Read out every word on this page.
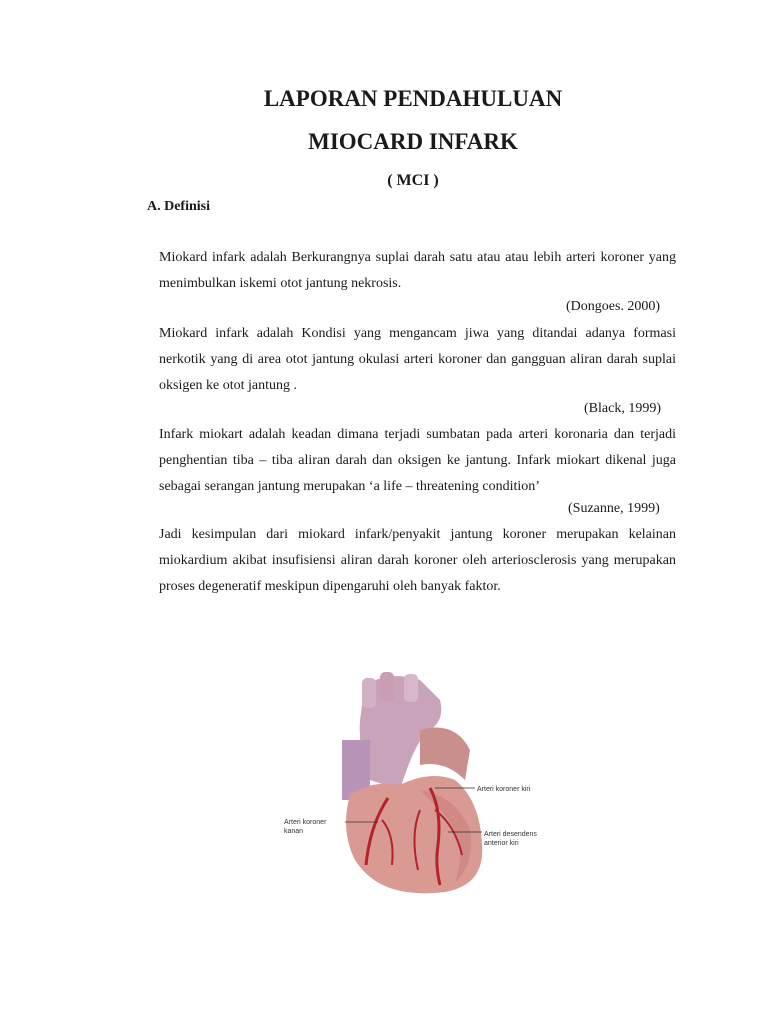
LAPORAN PENDAHULUAN
MIOCARD INFARK
( MCI )
A. Definisi
Miokard infark adalah Berkurangnya suplai darah satu atau atau lebih arteri koroner yang menimbulkan iskemi otot jantung nekrosis.
(Dongoes. 2000)
Miokard infark adalah Kondisi yang mengancam jiwa yang ditandai adanya formasi nerkotik yang di area otot jantung okulasi arteri koroner dan gangguan aliran darah suplai oksigen ke otot jantung .
(Black, 1999)
Infark miokart adalah keadan dimana terjadi sumbatan pada arteri koronaria dan terjadi penghentian tiba – tiba aliran darah dan oksigen ke jantung. Infark miokart dikenal juga sebagai serangan jantung merupakan ‘a life – threatening condition’
(Suzanne, 1999)
Jadi kesimpulan dari miokard infark/penyakit jantung koroner merupakan kelainan miokardium akibat insufisiensi aliran darah koroner oleh arteriosclerosis yang merupakan proses degeneratif meskipun dipengaruhi oleh banyak faktor.
Arteri koroner kiri
Arteri koroner
kanan	Arteri desendens
anterior kiri
